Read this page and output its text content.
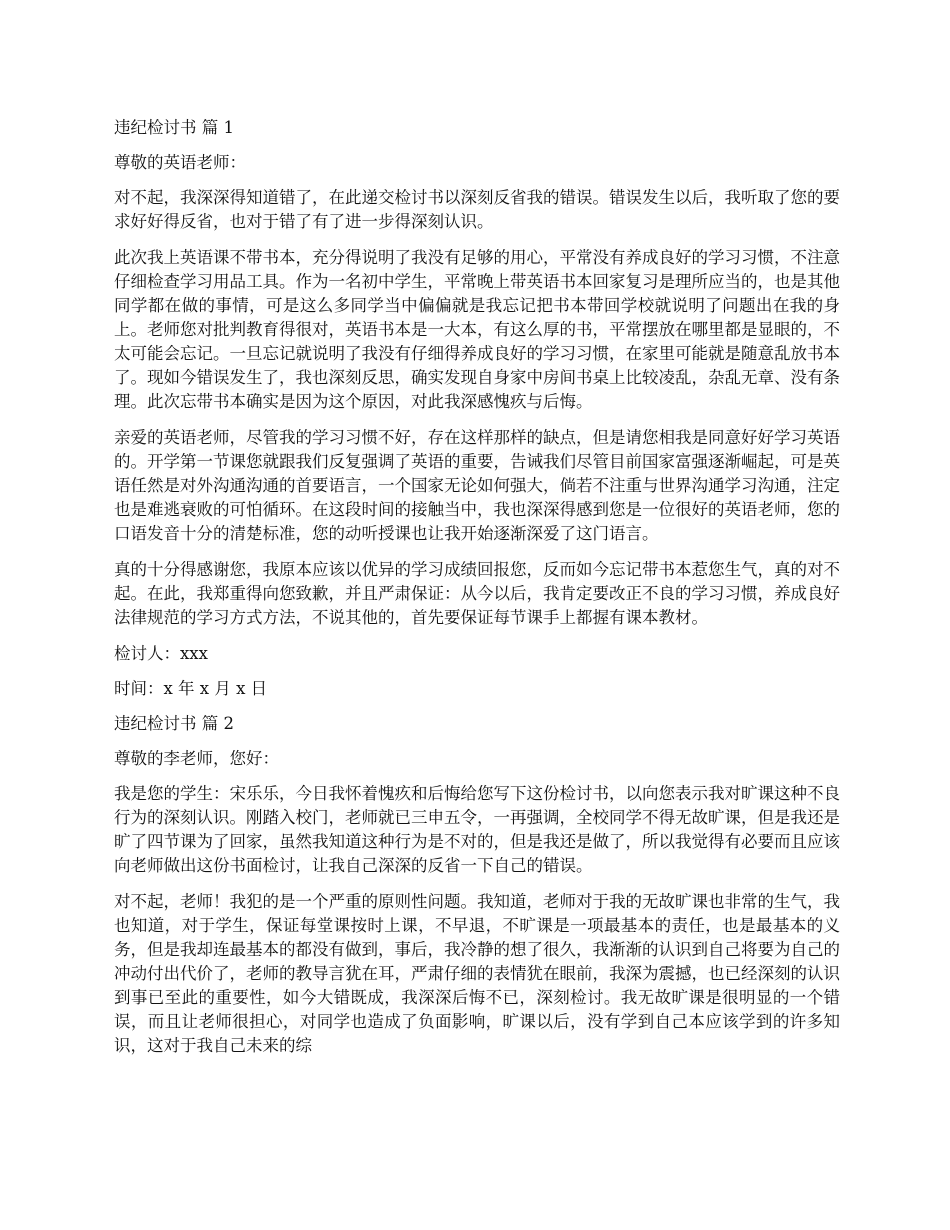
违纪检讨书 篇 1

尊敬的英语老师：

对不起，我深深得知道错了，在此递交检讨书以深刻反省我的错误。错误发生以后，我听取了您的要求好好得反省，也对于错了有了进一步得深刻认识。

此次我上英语课不带书本，充分得说明了我没有足够的用心，平常没有养成良好的学习习惯，不注意仔细检查学习用品工具。作为一名初中学生，平常晚上带英语书本回家复习是理所应当的，也是其他同学都在做的事情，可是这么多同学当中偏偏就是我忘记把书本带回学校就说明了问题出在我的身上。老师您对批判教育得很对，英语书本是一大本，有这么厚的书，平常摆放在哪里都是显眼的，不太可能会忘记。一旦忘记就说明了我没有仔细得养成良好的学习习惯，在家里可能就是随意乱放书本了。现如今错误发生了，我也深刻反思，确实发现自身家中房间书桌上比较凌乱，杂乱无章、没有条理。此次忘带书本确实是因为这个原因，对此我深感愧疚与后悔。

亲爱的英语老师，尽管我的学习习惯不好，存在这样那样的缺点，但是请您相我是同意好好学习英语的。开学第一节课您就跟我们反复强调了英语的重要，告诫我们尽管目前国家富强逐渐崛起，可是英语任然是对外沟通沟通的首要语言，一个国家无论如何强大，倘若不注重与世界沟通学习沟通，注定也是难逃衰败的可怕循环。在这段时间的接触当中，我也深深得感到您是一位很好的英语老师，您的口语发音十分的清楚标准，您的动听授课也让我开始逐渐深爱了这门语言。

真的十分得感谢您，我原本应该以优异的学习成绩回报您，反而如今忘记带书本惹您生气，真的对不起。在此，我郑重得向您致歉，并且严肃保证：从今以后，我肯定要改正不良的学习习惯，养成良好法律规范的学习方式方法，不说其他的，首先要保证每节课手上都握有课本教材。

检讨人：xxx

时间：x 年 x 月 x 日

违纪检讨书 篇 2

尊敬的李老师，您好：

我是您的学生：宋乐乐，今日我怀着愧疚和后悔给您写下这份检讨书，以向您表示我对旷课这种不良行为的深刻认识。刚踏入校门，老师就已三申五令，一再强调，全校同学不得无故旷课，但是我还是旷了四节课为了回家，虽然我知道这种行为是不对的，但是我还是做了，所以我觉得有必要而且应该向老师做出这份书面检讨，让我自己深深的反省一下自己的错误。

对不起，老师！我犯的是一个严重的原则性问题。我知道，老师对于我的无故旷课也非常的生气，我也知道，对于学生，保证每堂课按时上课，不早退，不旷课是一项最基本的责任，也是最基本的义务，但是我却连最基本的都没有做到，事后，我冷静的想了很久，我渐渐的认识到自己将要为自己的冲动付出代价了，老师的教导言犹在耳，严肃仔细的表情犹在眼前，我深为震撼，也已经深刻的认识到事已至此的重要性，如今大错既成，我深深后悔不已，深刻检讨。我无故旷课是很明显的一个错误，而且让老师很担心，对同学也造成了负面影响，旷课以后，没有学到自己本应该学到的许多知识，这对于我自己未来的综
